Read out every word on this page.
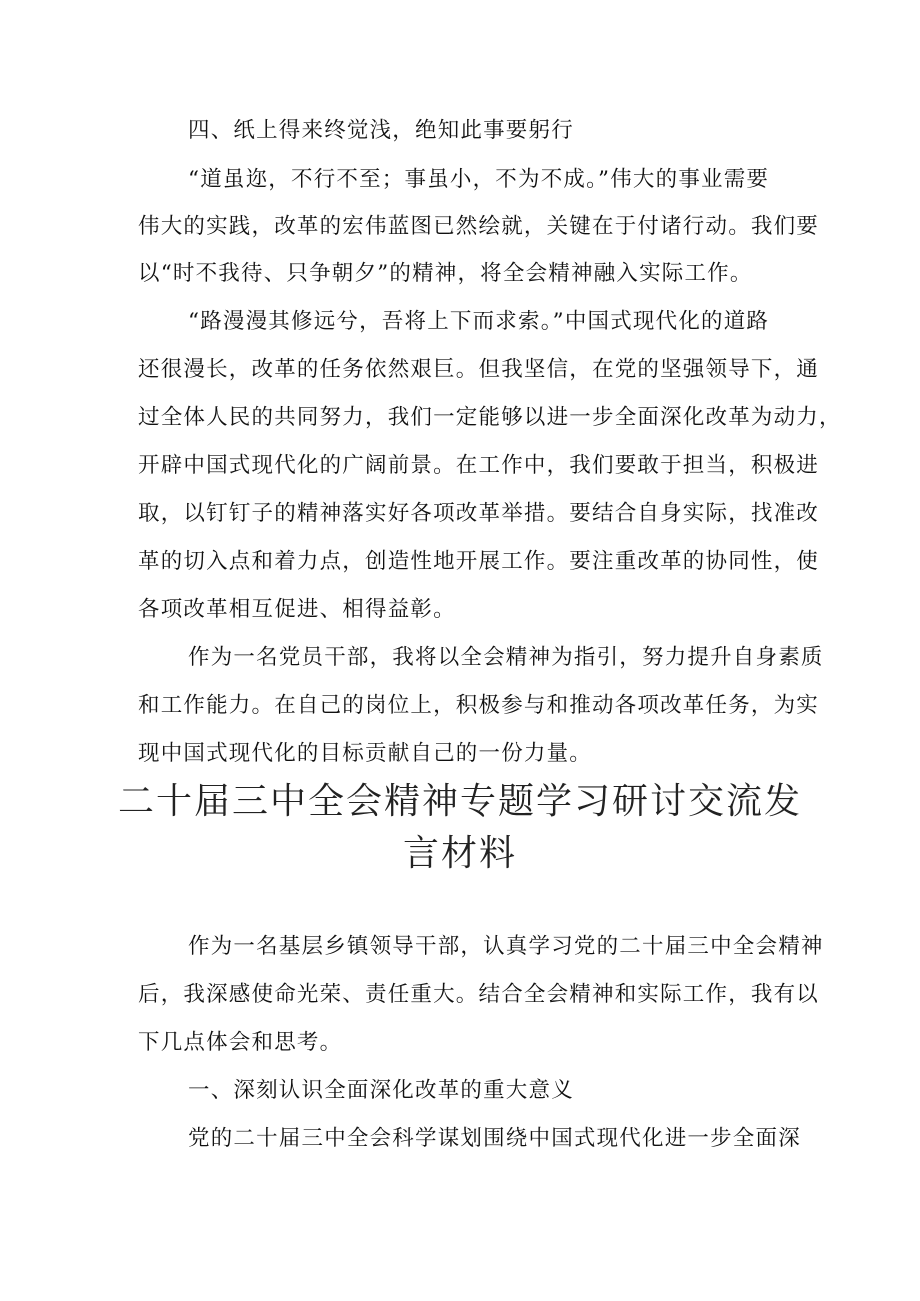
四、纸上得来终觉浅，绝知此事要躬行
“道虽迩，不行不至；事虽小，不为不成。”伟大的事业需要
伟大的实践，改革的宏伟蓝图已然绘就，关键在于付诸行动。我们要
以“时不我待、只争朝夕”的精神，将全会精神融入实际工作。
“路漫漫其修远兮，吾将上下而求索。”中国式现代化的道路
还很漫长，改革的任务依然艰巨。但我坚信，在党的坚强领导下，通
过全体人民的共同努力，我们一定能够以进一步全面深化改革为动力，
开辟中国式现代化的广阔前景。在工作中，我们要敢于担当，积极进
取，以钉钉子的精神落实好各项改革举措。要结合自身实际，找准改
革的切入点和着力点，创造性地开展工作。要注重改革的协同性，使
各项改革相互促进、相得益彰。
作为一名党员干部，我将以全会精神为指引，努力提升自身素质
和工作能力。在自己的岗位上，积极参与和推动各项改革任务，为实
现中国式现代化的目标贡献自己的一份力量。
二十届三中全会精神专题学习研讨交流发
言材料
作为一名基层乡镇领导干部，认真学习党的二十届三中全会精神
后，我深感使命光荣、责任重大。结合全会精神和实际工作，我有以
下几点体会和思考。
一、深刻认识全面深化改革的重大意义
党的二十届三中全会科学谋划围绕中国式现代化进一步全面深
